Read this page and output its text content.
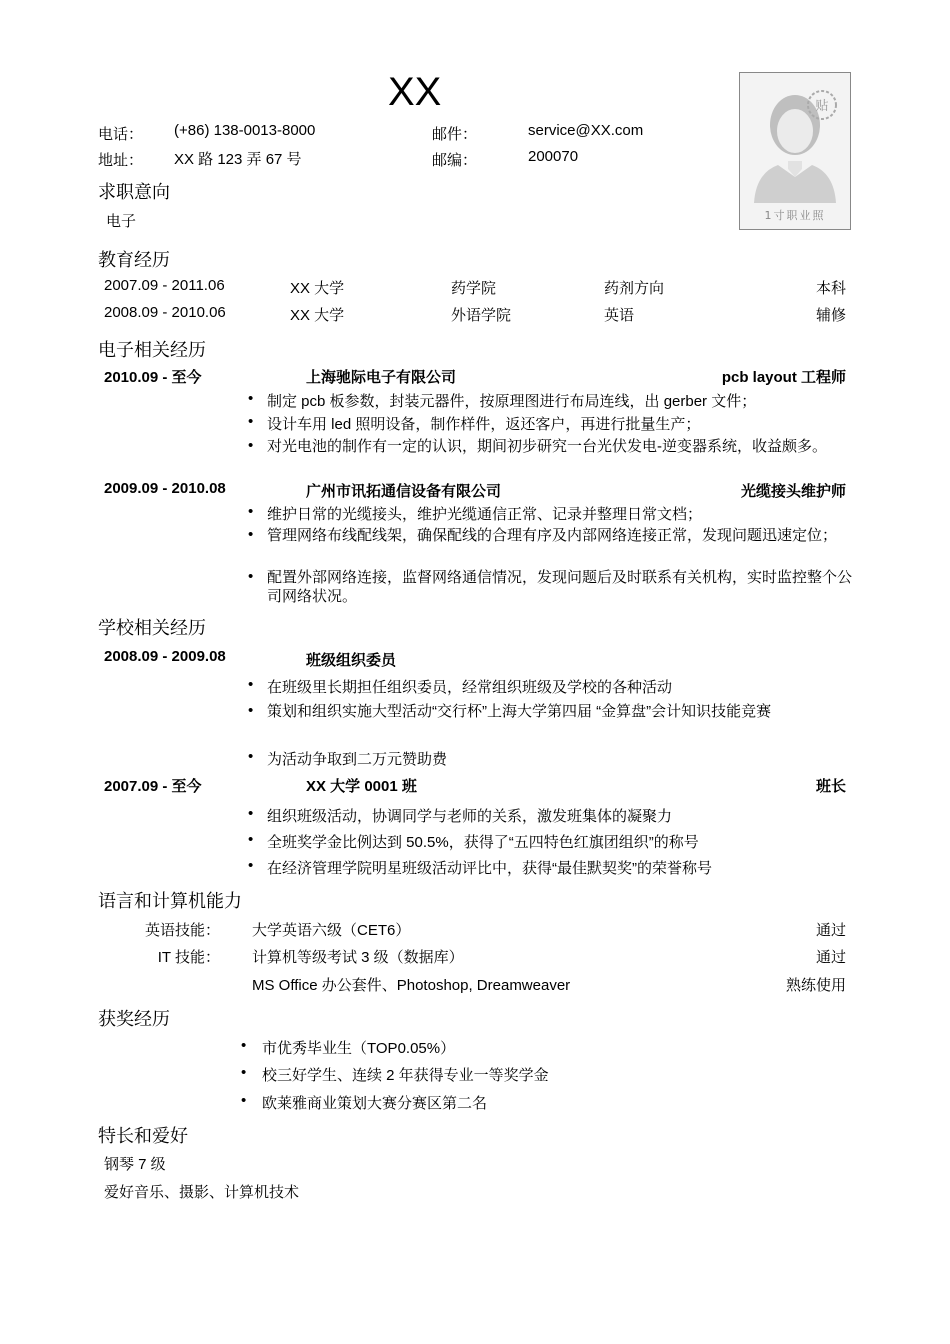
XX
电话： (+86) 138-0013-8000	邮件：	service@XX.com
地址： XX 路 123 弄 67 号	邮编：	200070
贴
1寸职业照
求职意向
电子
教育经历
2007.09 - 2011.06	XX 大学	药学院	药剂方向	本科
2008.09 - 2010.06	XX 大学	外语学院	英语	辅修
电子相关经历
2010.09 - 至今	上海驰际电子有限公司	pcb layout 工程师
• 制定 pcb 板参数，封装元器件，按原理图进行布局连线，出 gerber 文件；
• 设计车用 led 照明设备，制作样件，返还客户，再进行批量生产；
• 对光电池的制作有一定的认识，期间初步研究一台光伏发电-逆变器系统，收益颇多。
2009.09 - 2010.08	广州市讯拓通信设备有限公司	光缆接头维护师
• 维护日常的光缆接头，维护光缆通信正常、记录并整理日常文档；
• 管理网络布线配线架，确保配线的合理有序及内部网络连接正常，发现问题迅速定位；
• 配置外部网络连接，监督网络通信情况，发现问题后及时联系有关机构，实时监控整个公司网络状况。
学校相关经历
2008.09 - 2009.08	班级组织委员
• 在班级里长期担任组织委员，经常组织班级及学校的各种活动
• 策划和组织实施大型活动“交行杯”上海大学第四届 “金算盘”会计知识技能竞赛
• 为活动争取到二万元赞助费
2007.09 - 至今	XX 大学 0001 班	班长
• 组织班级活动，协调同学与老师的关系，激发班集体的凝聚力
• 全班奖学金比例达到 50.5%，获得了“五四特色红旗团组织”的称号
• 在经济管理学院明星班级活动评比中，获得“最佳默契奖”的荣誉称号
语言和计算机能力
英语技能： 大学英语六级（CET6）	通过
IT 技能： 计算机等级考试 3 级（数据库）	通过
MS Office 办公套件、Photoshop, Dreamweaver	熟练使用
获奖经历
• 市优秀毕业生（TOP0.05%）
• 校三好学生、连续 2 年获得专业一等奖学金
• 欧莱雅商业策划大赛分赛区第二名
特长和爱好
钢琴 7 级
爱好音乐、摄影、计算机技术
